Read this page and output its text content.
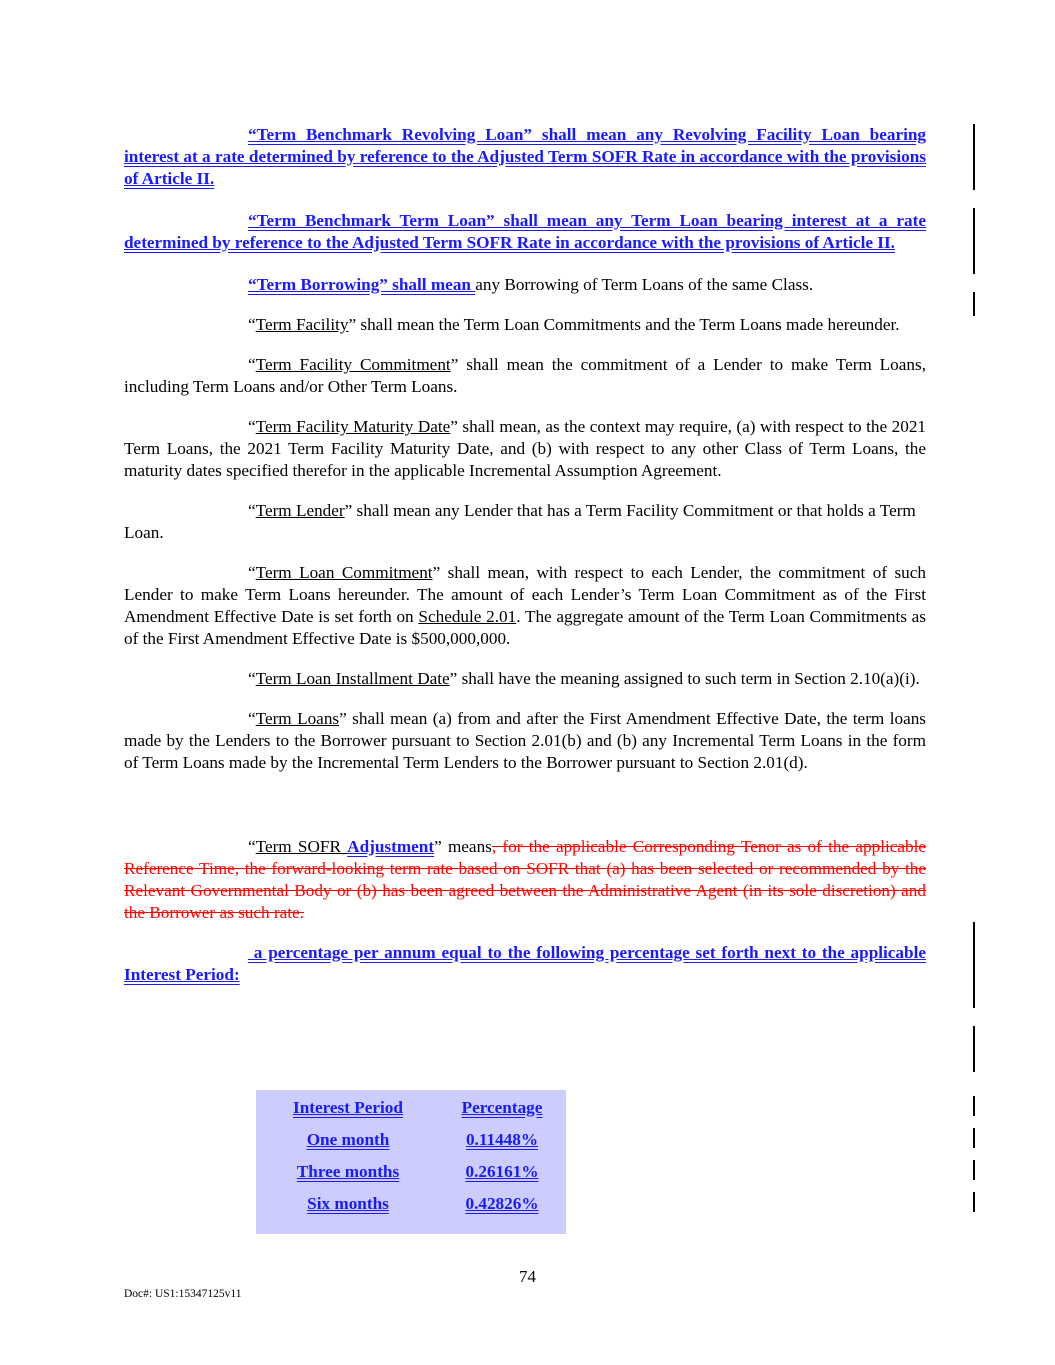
“Term Benchmark Revolving Loan” shall mean any Revolving Facility Loan bearing interest at a rate determined by reference to the Adjusted Term SOFR Rate in accordance with the provisions of Article II.

“Term Benchmark Term Loan” shall mean any Term Loan bearing interest at a rate determined by reference to the Adjusted Term SOFR Rate in accordance with the provisions of Article II.

“Term Borrowing” shall mean any Borrowing of Term Loans of the same Class.

“Term Facility” shall mean the Term Loan Commitments and the Term Loans made hereunder.

“Term Facility Commitment” shall mean the commitment of a Lender to make Term Loans, including Term Loans and/or Other Term Loans.

“Term Facility Maturity Date” shall mean, as the context may require, (a) with respect to the 2021 Term Loans, the 2021 Term Facility Maturity Date, and (b) with respect to any other Class of Term Loans, the maturity dates specified therefor in the applicable Incremental Assumption Agreement.

“Term Lender” shall mean any Lender that has a Term Facility Commitment or that holds a Term Loan.

“Term Loan Commitment” shall mean, with respect to each Lender, the commitment of such Lender to make Term Loans hereunder. The amount of each Lender’s Term Loan Commitment as of the First Amendment Effective Date is set forth on Schedule 2.01. The aggregate amount of the Term Loan Commitments as of the First Amendment Effective Date is $500,000,000.

“Term Loan Installment Date” shall have the meaning assigned to such term in Section 2.10(a)(i).

“Term Loans” shall mean (a) from and after the First Amendment Effective Date, the term loans made by the Lenders to the Borrower pursuant to Section 2.01(b) and (b) any Incremental Term Loans in the form of Term Loans made by the Incremental Term Lenders to the Borrower pursuant to Section 2.01(d).

“Term SOFR Adjustment” means, for the applicable Corresponding Tenor as of the applicable Reference Time, the forward-looking term rate based on SOFR that (a) has been selected or recommended by the Relevant Governmental Body or (b) has been agreed between the Administrative Agent (in its sole discretion) and the Borrower as such rate.

a percentage per annum equal to the following percentage set forth next to the applicable Interest Period:

Interest Period	Percentage
One month	0.11448%
Three months	0.26161%
Six months	0.42826%
74
Doc#: US1:15347125v11
